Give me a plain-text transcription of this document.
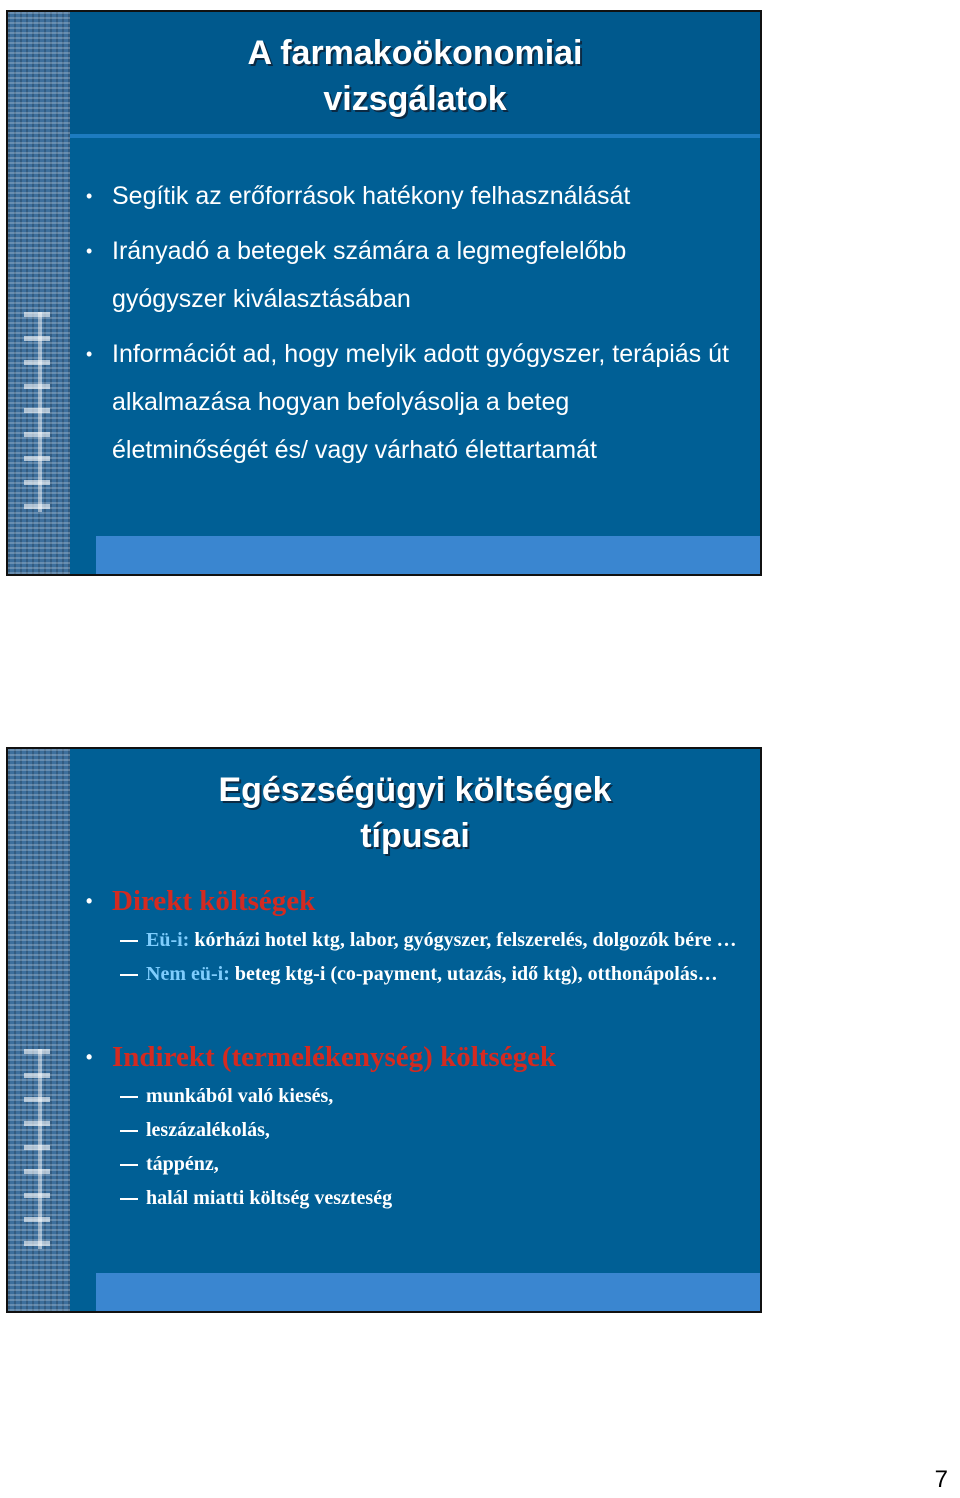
A farmakoökonomiai
vizsgálatok
• Segítik az erőforrások hatékony felhasználását
• Irányadó a betegek számára a legmegfelelőbb gyógyszer kiválasztásában
• Információt ad, hogy melyik adott gyógyszer, terápiás út alkalmazása hogyan befolyásolja a beteg életminőségét és/ vagy várható élettartamát
Egészségügyi költségek
típusai
• Direkt költségek
Eü-i: kórházi hotel ktg, labor, gyógyszer, felszerelés, dolgozók bére …
Nem eü-i: beteg ktg-i (co-payment, utazás, idő ktg), otthonápolás…
• Indirekt (termelékenység) költségek
munkából való kiesés,
leszázalékolás,
táppénz,
halál miatti költség veszteség
7
